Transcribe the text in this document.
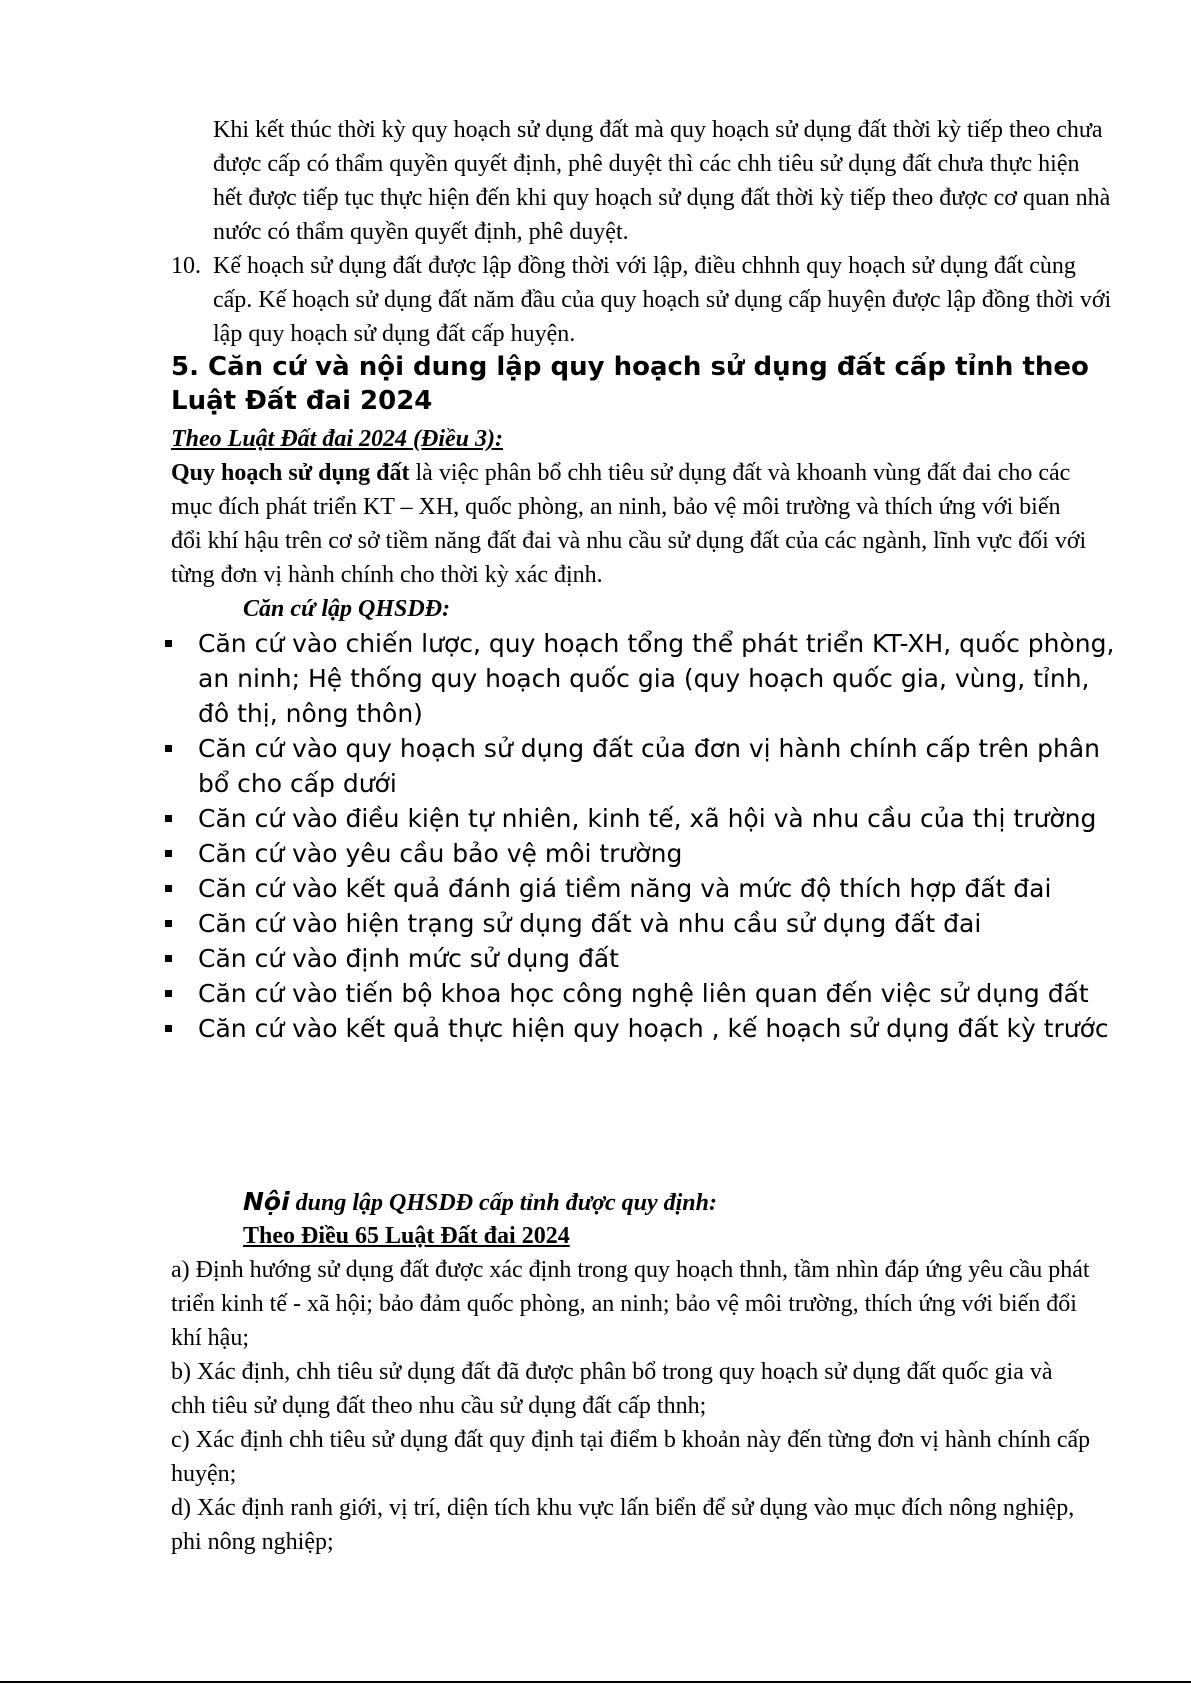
Khi kết thúc thời kỳ quy hoạch sử dụng đất mà quy hoạch sử dụng đất thời kỳ tiếp theo chưa được cấp có thẩm quyền quyết định, phê duyệt thì các chh tiêu sử dụng đất chưa thực hiện hết được tiếp tục thực hiện đến khi quy hoạch sử dụng đất thời kỳ tiếp theo được cơ quan nhà nước có thẩm quyền quyết định, phê duyệt.
10. Kế hoạch sử dụng đất được lập đồng thời với lập, điều chhnh quy hoạch sử dụng đất cùng cấp. Kế hoạch sử dụng đất năm đầu của quy hoạch sử dụng cấp huyện được lập đồng thời với lập quy hoạch sử dụng đất cấp huyện.
5. Căn cứ và nội dung lập quy hoạch sử dụng đất cấp tỉnh theo Luật Đất đai 2024
Theo Luật Đất đai 2024 (Điều 3):
Quy hoạch sử dụng đất là việc phân bổ chh tiêu sử dụng đất và khoanh vùng đất đai cho các mục đích phát triển KT – XH, quốc phòng, an ninh, bảo vệ môi trường và thích ứng với biến đổi khí hậu trên cơ sở tiềm năng đất đai và nhu cầu sử dụng đất của các ngành, lĩnh vực đối với từng đơn vị hành chính cho thời kỳ xác định.
Căn cứ lập QHSDĐ:
Căn cứ vào chiến lược, quy hoạch tổng thể phát triển KT-XH, quốc phòng, an ninh; Hệ thống quy hoạch quốc gia (quy hoạch quốc gia, vùng, tỉnh, đô thị, nông thôn)
Căn cứ vào quy hoạch sử dụng đất của đơn vị hành chính cấp trên phân bổ cho cấp dưới
Căn cứ vào điều kiện tự nhiên, kinh tế, xã hội và nhu cầu của thị trường
Căn cứ vào yêu cầu bảo vệ môi trường
Căn cứ vào kết quả đánh giá tiềm năng và mức độ thích hợp đất đai
Căn cứ vào hiện trạng sử dụng đất và nhu cầu sử dụng đất đai
Căn cứ vào định mức sử dụng đất
Căn cứ vào tiến bộ khoa học công nghệ liên quan đến việc sử dụng đất
Căn cứ vào kết quả thực hiện quy hoạch , kế hoạch sử dụng đất kỳ trước
Nội dung lập QHSDĐ cấp tỉnh được quy định:
Theo Điều 65 Luật Đất đai 2024

a) Định hướng sử dụng đất được xác định trong quy hoạch thnh, tầm nhìn đáp ứng yêu cầu phát triển kinh tế - xã hội; bảo đảm quốc phòng, an ninh; bảo vệ môi trường, thích ứng với biến đổi khí hậu;

b) Xác định, chh tiêu sử dụng đất đã được phân bổ trong quy hoạch sử dụng đất quốc gia và chh tiêu sử dụng đất theo nhu cầu sử dụng đất cấp thnh;

c) Xác định chh tiêu sử dụng đất quy định tại điểm b khoản này đến từng đơn vị hành chính cấp huyện;

d) Xác định ranh giới, vị trí, diện tích khu vực lấn biển để sử dụng vào mục đích nông nghiệp, phi nông nghiệp;
